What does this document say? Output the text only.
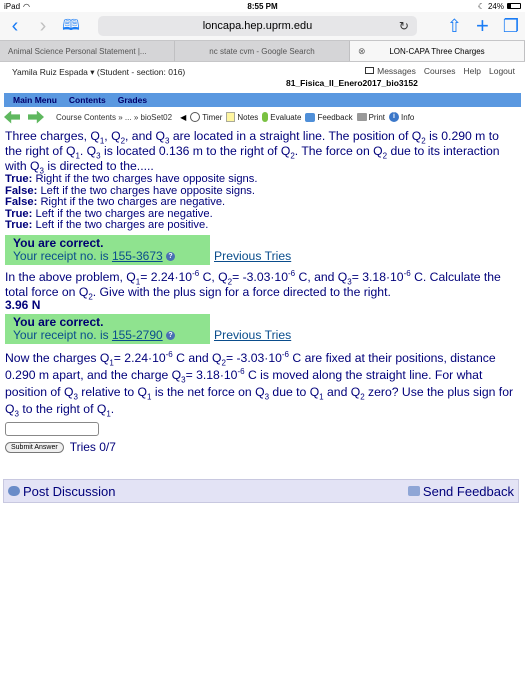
iPad ◠	8:55 PM	☾ 24%
‹ ›	🕮	loncapa.hep.uprm.edu	↻ ⇧ + ❐
Animal Science Personal Statement |...	nc state cvm - Google Search	⊗	LON-CAPA Three Charges
Yamila Ruiz Espada ▾ (Student - section: 016)	Messages Courses Help Logout
81_Fisica_II_Enero2017_bio3152
Main Menu	Contents	Grades
Course Contents » ... » bioSet02 ◀ Timer Notes Evaluate Feedback Print	i Info
Three charges, $Q_1$, $Q_2$, and $Q_3$ are located in a straight line. The position of $Q_2$ is 0.290 m to the right of $Q_1$. $Q_3$ is located 0.136 m to the right of $Q_2$. The force on $Q_2$ due to its interaction with $Q_3$ is directed to the.....
True: Right if the two charges have opposite signs.
False: Left if the two charges have opposite signs.
False: Right if the two charges are negative.
True: Left if the two charges are negative.
True: Left if the two charges are positive.
You are correct.
Your receipt no. is 155-3673 ?	Previous Tries
In the above problem, $Q_1= 2.24\cdot 10^{-6}$ C, $Q_2= -3.03\cdot 10^{-6}$ C, and $Q_3= 3.18\cdot 10^{-6}$ C. Calculate the total force on $Q_2$. Give with the plus sign for a force directed to the right.
3.96 N
You are correct.
Your receipt no. is 155-2790 ?	Previous Tries
Now the charges $Q_1= 2.24\cdot 10^{-6}$ C and $Q_2= -3.03\cdot 10^{-6}$ C are fixed at their positions, distance 0.290 m apart, and the charge $Q_3= 3.18\cdot 10^{-6}$ C is moved along the straight line. For what position of $Q_3$ relative to $Q_1$ is the net force on $Q_3$ due to $Q_1$ and $Q_2$ zero? Use the plus sign for $Q_3$ to the right of $Q_1$.
Submit Answer	Tries 0/7
Post Discussion	Send Feedback
